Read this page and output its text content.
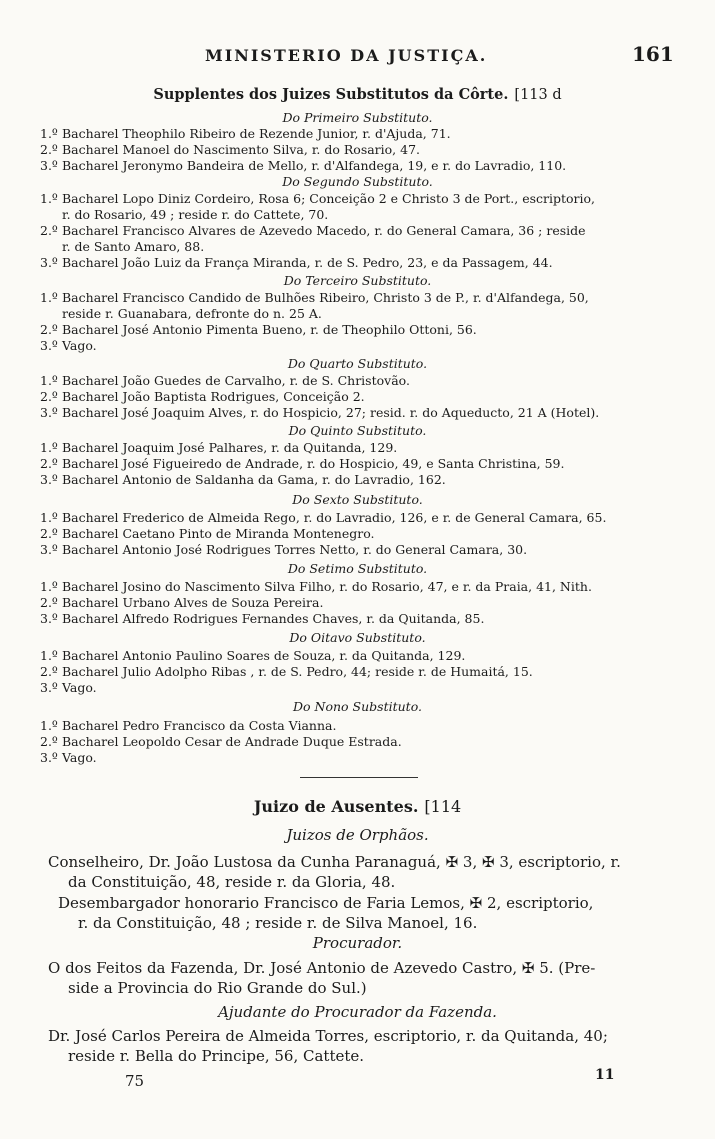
MINISTERIO DA JUSTIÇA.	161
Supplentes dos Juizes Substitutos da Côrte. [113 d
Do Primeiro Substituto.
1.º Bacharel Theophilo Ribeiro de Rezende Junior, r. d'Ajuda, 71.
2.º Bacharel Manoel do Nascimento Silva, r. do Rosario, 47.
3.º Bacharel Jeronymo Bandeira de Mello, r. d'Alfandega, 19, e r. do Lavradio, 110.
Do Segundo Substituto.
1.º Bacharel Lopo Diniz Cordeiro, Rosa 6; Conceição 2 e Christo 3 de Port., escriptorio,
r. do Rosario, 49 ; reside r. do Cattete, 70.
2.º Bacharel Francisco Alvares de Azevedo Macedo, r. do General Camara, 36 ; reside
r. de Santo Amaro, 88.
3.º Bacharel João Luiz da França Miranda, r. de S. Pedro, 23, e da Passagem, 44.
Do Terceiro Substituto.
1.º Bacharel Francisco Candido de Bulhões Ribeiro, Christo 3 de P., r. d'Alfandega, 50,
reside r. Guanabara, defronte do n. 25 A.
2.º Bacharel José Antonio Pimenta Bueno, r. de Theophilo Ottoni, 56.
3.º Vago.
Do Quarto Substituto.
1.º Bacharel João Guedes de Carvalho, r. de S. Christovão.
2.º Bacharel João Baptista Rodrigues, Conceição 2.
3.º Bacharel José Joaquim Alves, r. do Hospicio, 27; resid. r. do Aqueducto, 21 A (Hotel).
Do Quinto Substituto.
1.º Bacharel Joaquim José Palhares, r. da Quitanda, 129.
2.º Bacharel José Figueiredo de Andrade, r. do Hospicio, 49, e Santa Christina, 59.
3.º Bacharel Antonio de Saldanha da Gama, r. do Lavradio, 162.
Do Sexto Substituto.
1.º Bacharel Frederico de Almeida Rego, r. do Lavradio, 126, e r. de General Camara, 65.
2.º Bacharel Caetano Pinto de Miranda Montenegro.
3.º Bacharel Antonio José Rodrigues Torres Netto, r. do General Camara, 30.
Do Setimo Substituto.
1.º Bacharel Josino do Nascimento Silva Filho, r. do Rosario, 47, e r. da Praia, 41, Nith.
2.º Bacharel Urbano Alves de Souza Pereira.
3.º Bacharel Alfredo Rodrigues Fernandes Chaves, r. da Quitanda, 85.
Do Oitavo Substituto.
1.º Bacharel Antonio Paulino Soares de Souza, r. da Quitanda, 129.
2.º Bacharel Julio Adolpho Ribas , r. de S. Pedro, 44; reside r. de Humaitá, 15.
3.º Vago.
Do Nono Substituto.
1.º Bacharel Pedro Francisco da Costa Vianna.
2.º Bacharel Leopoldo Cesar de Andrade Duque Estrada.
3.º Vago.
Juizo de Ausentes. [114
Juizos de Orphãos.
Conselheiro, Dr. João Lustosa da Cunha Paranaguá, ✠ 3, ✠ 3, escriptorio, r.
da Constituição, 48, reside r. da Gloria, 48.
Desembargador honorario Francisco de Faria Lemos, ✠ 2, escriptorio,
r. da Constituição, 48 ; reside r. de Silva Manoel, 16.
Procurador.
O dos Feitos da Fazenda, Dr. José Antonio de Azevedo Castro, ✠ 5. (Pre-
side a Provincia do Rio Grande do Sul.)
Ajudante do Procurador da Fazenda.
Dr. José Carlos Pereira de Almeida Torres, escriptorio, r. da Quitanda, 40;
reside r. Bella do Principe, 56, Cattete.
75	11
